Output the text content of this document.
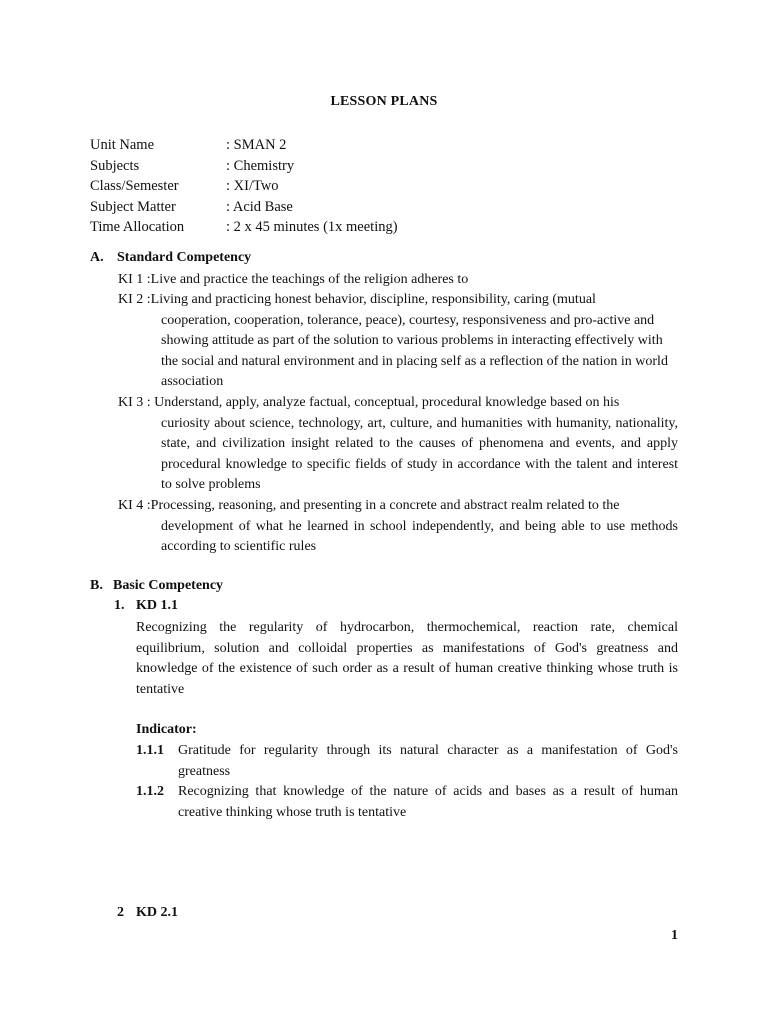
LESSON PLANS
Unit Name	: SMAN 2
Subjects	: Chemistry
Class/Semester	: XI/Two
Subject Matter	: Acid Base
Time Allocation	: 2 x 45 minutes (1x meeting)
A. Standard Competency
KI 1 :Live and practice the teachings of the religion adheres to
KI 2 :Living and practicing honest behavior, discipline, responsibility, caring (mutual
cooperation, cooperation, tolerance, peace), courtesy, responsiveness and pro-active and showing attitude as part of the solution to various problems in interacting effectively with the social and natural environment and in placing self as a reflection of the nation in world association
KI 3 : Understand, apply, analyze factual, conceptual, procedural knowledge based on his
curiosity about science, technology, art, culture, and humanities with humanity, nationality, state, and civilization insight related to the causes of phenomena and events, and apply procedural knowledge to specific fields of study in accordance with the talent and interest to solve problems
KI 4 :Processing, reasoning, and presenting in a concrete and abstract realm related to the
development of what he learned in school independently, and being able to use methods according to scientific rules
B. Basic Competency
1. KD 1.1
Recognizing the regularity of hydrocarbon, thermochemical, reaction rate, chemical equilibrium, solution and colloidal properties as manifestations of God's greatness and knowledge of the existence of such order as a result of human creative thinking whose truth is tentative
Indicator:
1.1.1	Gratitude for regularity through its natural character as a manifestation of God's greatness
1.1.2	Recognizing that knowledge of the nature of acids and bases as a result of human creative thinking whose truth is tentative
2 KD 2.1
1
